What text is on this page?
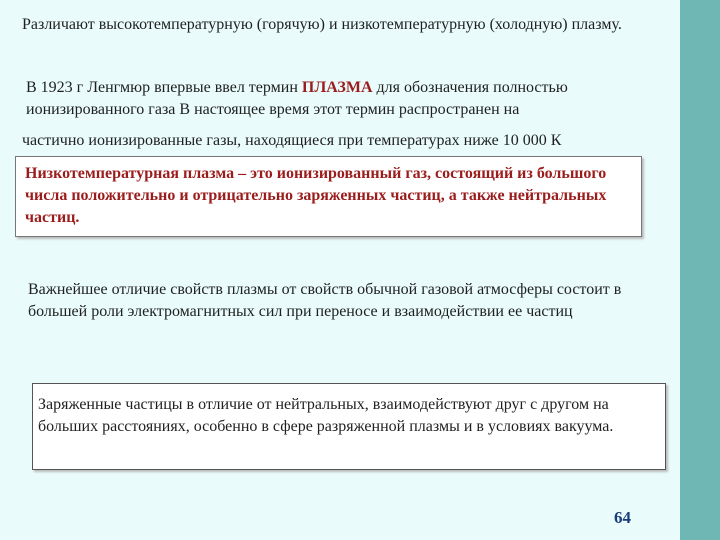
Различают высокотемпературную (горячую) и низкотемпературную (холодную) плазму.
В 1923 г Ленгмюр впервые ввел термин ПЛАЗМА для обозначения полностью ионизированного газа В настоящее время этот термин распространен на
частично ионизированные газы, находящиеся при температурах ниже 10 000 К
Низкотемпературная плазма – это ионизированный газ, состоящий из большого числа положительно и отрицательно заряженных частиц, а также нейтральных частиц.
Важнейшее отличие свойств плазмы от свойств обычной газовой атмосферы состоит в большей роли электромагнитных сил при переносе и взаимодействии ее частиц
Заряженные частицы в отличие от нейтральных, взаимодействуют друг с другом на больших расстояниях, особенно в сфере разряженной плазмы и в условиях вакуума.
64
